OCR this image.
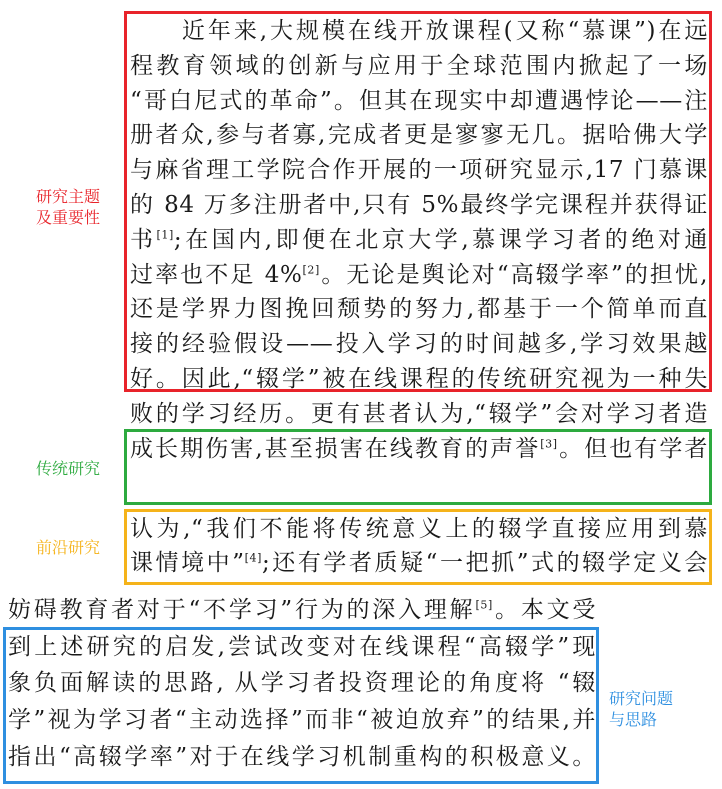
研究主题
及重要性
传统研究
前沿研究
研究问题
与思路
　　近年来,大规模在线开放课程(又称“慕课”)在远
程教育领域的创新与应用于全球范围内掀起了一场
“哥白尼式的革命”。但其在现实中却遭遇悖论——注
册者众,参与者寡,完成者更是寥寥无几。据哈佛大学
与麻省理工学院合作开展的一项研究显示,17 门慕课
的 84 万多注册者中,只有 5%最终学完课程并获得证
书[1];在国内,即便在北京大学,慕课学习者的绝对通
过率也不足 4%[2]。无论是舆论对“高辍学率”的担忧,
还是学界力图挽回颓势的努力,都基于一个简单而直
接的经验假设——投入学习的时间越多,学习效果越
好。因此,“辍学”被在线课程的传统研究视为一种失
败的学习经历。更有甚者认为,“辍学”会对学习者造
成长期伤害,甚至损害在线教育的声誉[3]。但也有学者
认为,“我们不能将传统意义上的辍学直接应用到慕
课情境中”[4];还有学者质疑“一把抓”式的辍学定义会
妨碍教育者对于“不学习”行为的深入理解[5]。本文受
到上述研究的启发,尝试改变对在线课程“高辍学”现
象负面解读的思路, 从学习者投资理论的角度将 “辍
学”视为学习者“主动选择”而非“被迫放弃”的结果,并
指出“高辍学率”对于在线学习机制重构的积极意义。
